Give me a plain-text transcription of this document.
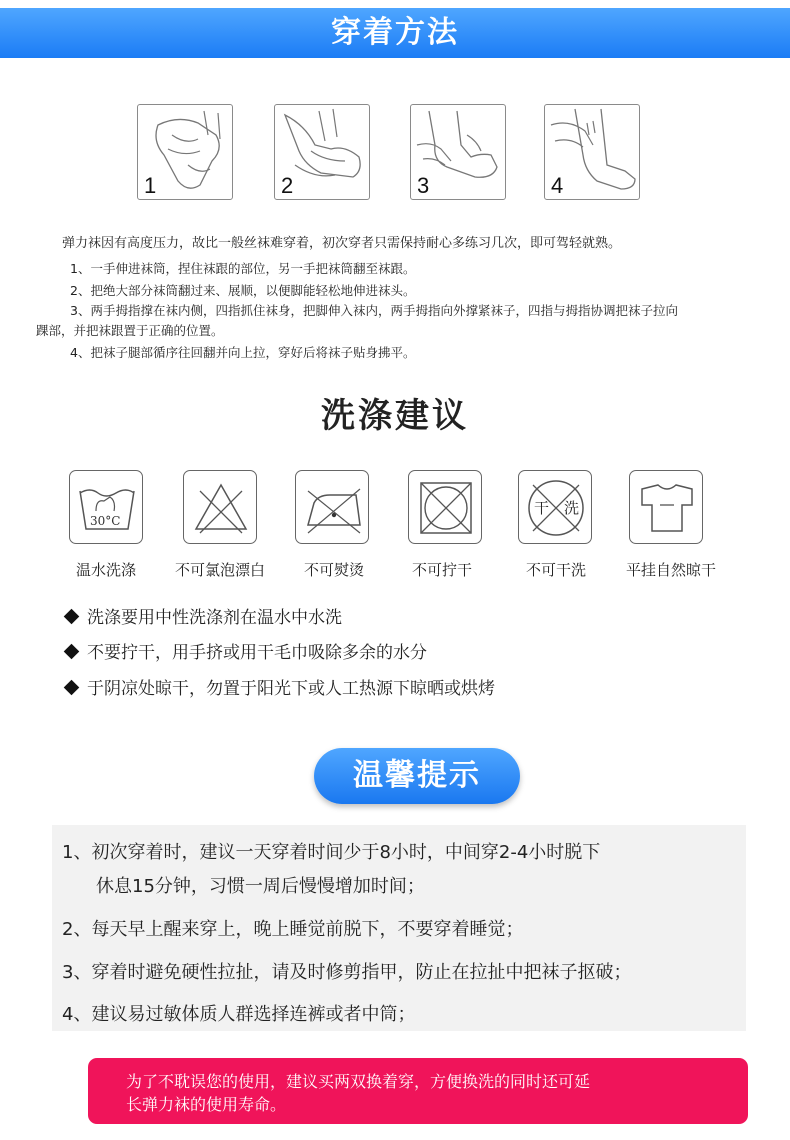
穿着方法
1	2	3	4
弹力袜因有高度压力，故比一般丝袜难穿着，初次穿者只需保持耐心多练习几次，即可驾轻就熟。
1、一手伸进袜筒，捏住袜跟的部位，另一手把袜筒翻至袜跟。
2、把绝大部分袜筒翻过来、展顺，以便脚能轻松地伸进袜头。
3、两手拇指撑在袜内侧，四指抓住袜身，把脚伸入袜内，两手拇指向外撑紧袜子，四指与拇指协调把袜子拉向
踝部，并把袜跟置于正确的位置。
4、把袜子腿部循序往回翻并向上拉，穿好后将袜子贴身拂平。
洗涤建议
30°C
干 洗
温水洗涤	不可氯泡漂白	不可熨烫	不可拧干	不可干洗	平挂自然晾干
洗涤要用中性洗涤剂在温水中水洗
不要拧干，用手挤或用干毛巾吸除多余的水分
于阴凉处晾干，勿置于阳光下或人工热源下晾晒或烘烤
温馨提示
1、初次穿着时，建议一天穿着时间少于8小时，中间穿2-4小时脱下
休息15分钟，习惯一周后慢慢增加时间；
2、每天早上醒来穿上，晚上睡觉前脱下，不要穿着睡觉；
3、穿着时避免硬性拉扯，请及时修剪指甲，防止在拉扯中把袜子抠破；
4、建议易过敏体质人群选择连裤或者中筒；
为了不耽误您的使用，建议买两双换着穿，方便换洗的同时还可延
长弹力袜的使用寿命。
